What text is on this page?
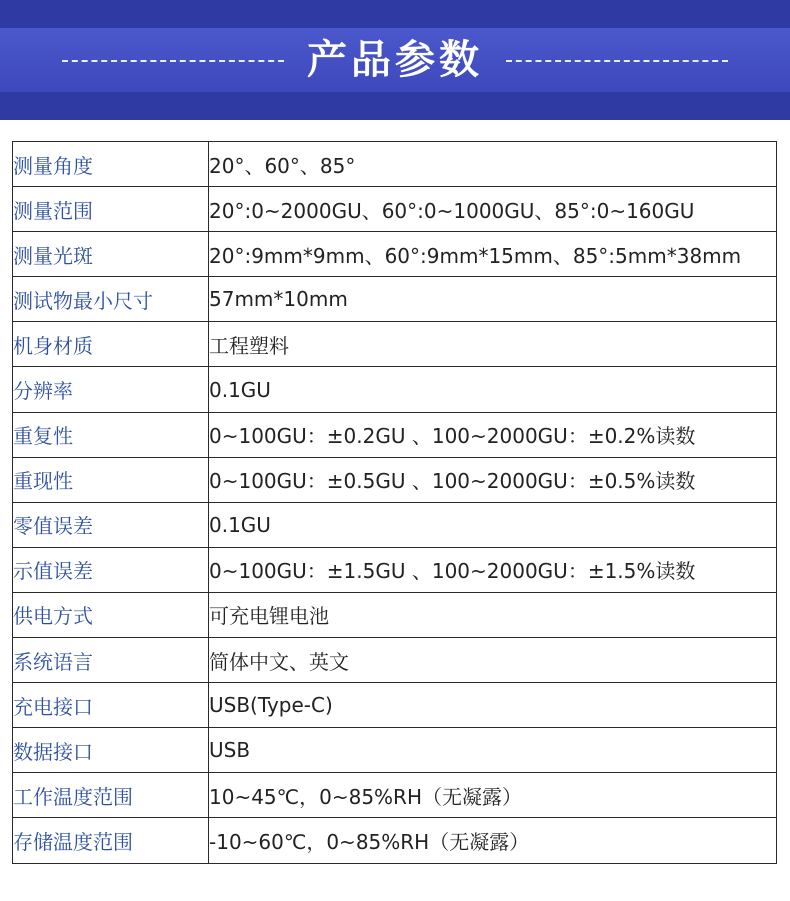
产品参数
测量角度	20°、60°、85°
测量范围	20°:0~2000GU、60°:0~1000GU、85°:0~160GU
测量光斑	20°:9mm*9mm、60°:9mm*15mm、85°:5mm*38mm
测试物最小尺寸	57mm*10mm
机身材质	工程塑料
分辨率	0.1GU
重复性	0~100GU：±0.2GU 、100~2000GU：±0.2%读数
重现性	0~100GU：±0.5GU 、100~2000GU：±0.5%读数
零值误差	0.1GU
示值误差	0~100GU：±1.5GU 、100~2000GU：±1.5%读数
供电方式	可充电锂电池
系统语言	简体中文、英文
充电接口	USB(Type-C)
数据接口	USB
工作温度范围	10~45℃，0~85%RH（无凝露）
存储温度范围	-10~60℃，0~85%RH（无凝露）
